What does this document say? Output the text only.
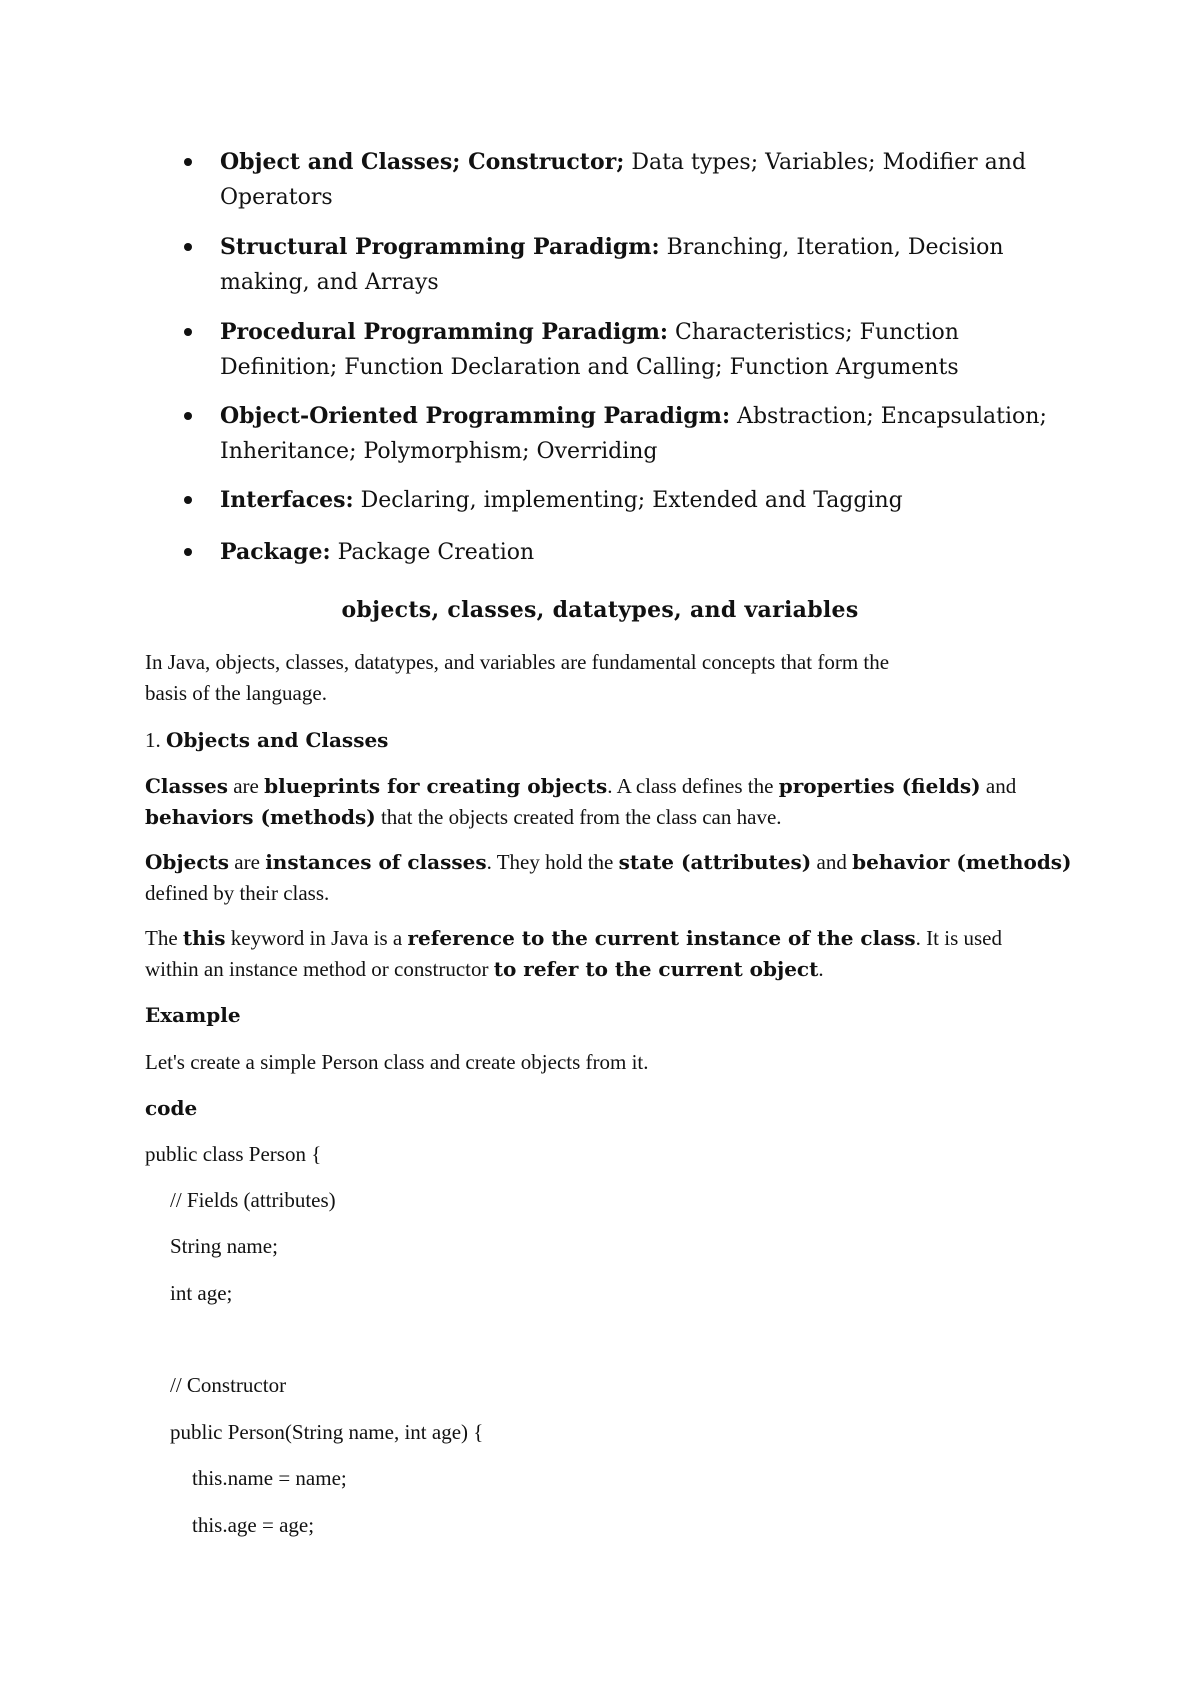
Object and Classes; Constructor; Data types; Variables; Modifier and
Operators
Structural Programming Paradigm: Branching, Iteration, Decision
making, and Arrays
Procedural Programming Paradigm: Characteristics; Function
Definition; Function Declaration and Calling; Function Arguments
Object-Oriented Programming Paradigm: Abstraction; Encapsulation;
Inheritance; Polymorphism; Overriding
Interfaces: Declaring, implementing; Extended and Tagging
Package: Package Creation
objects, classes, datatypes, and variables
In Java, objects, classes, datatypes, and variables are fundamental concepts that form the
basis of the language.
1. Objects and Classes
Classes are blueprints for creating objects. A class defines the properties (fields) and
behaviors (methods) that the objects created from the class can have.
Objects are instances of classes. They hold the state (attributes) and behavior (methods)
defined by their class.
The this keyword in Java is a reference to the current instance of the class. It is used
within an instance method or constructor to refer to the current object.
Example
Let's create a simple Person class and create objects from it.
code
public class Person {
// Fields (attributes)
String name;
int age;
// Constructor
public Person(String name, int age) {
this.name = name;
this.age = age;
